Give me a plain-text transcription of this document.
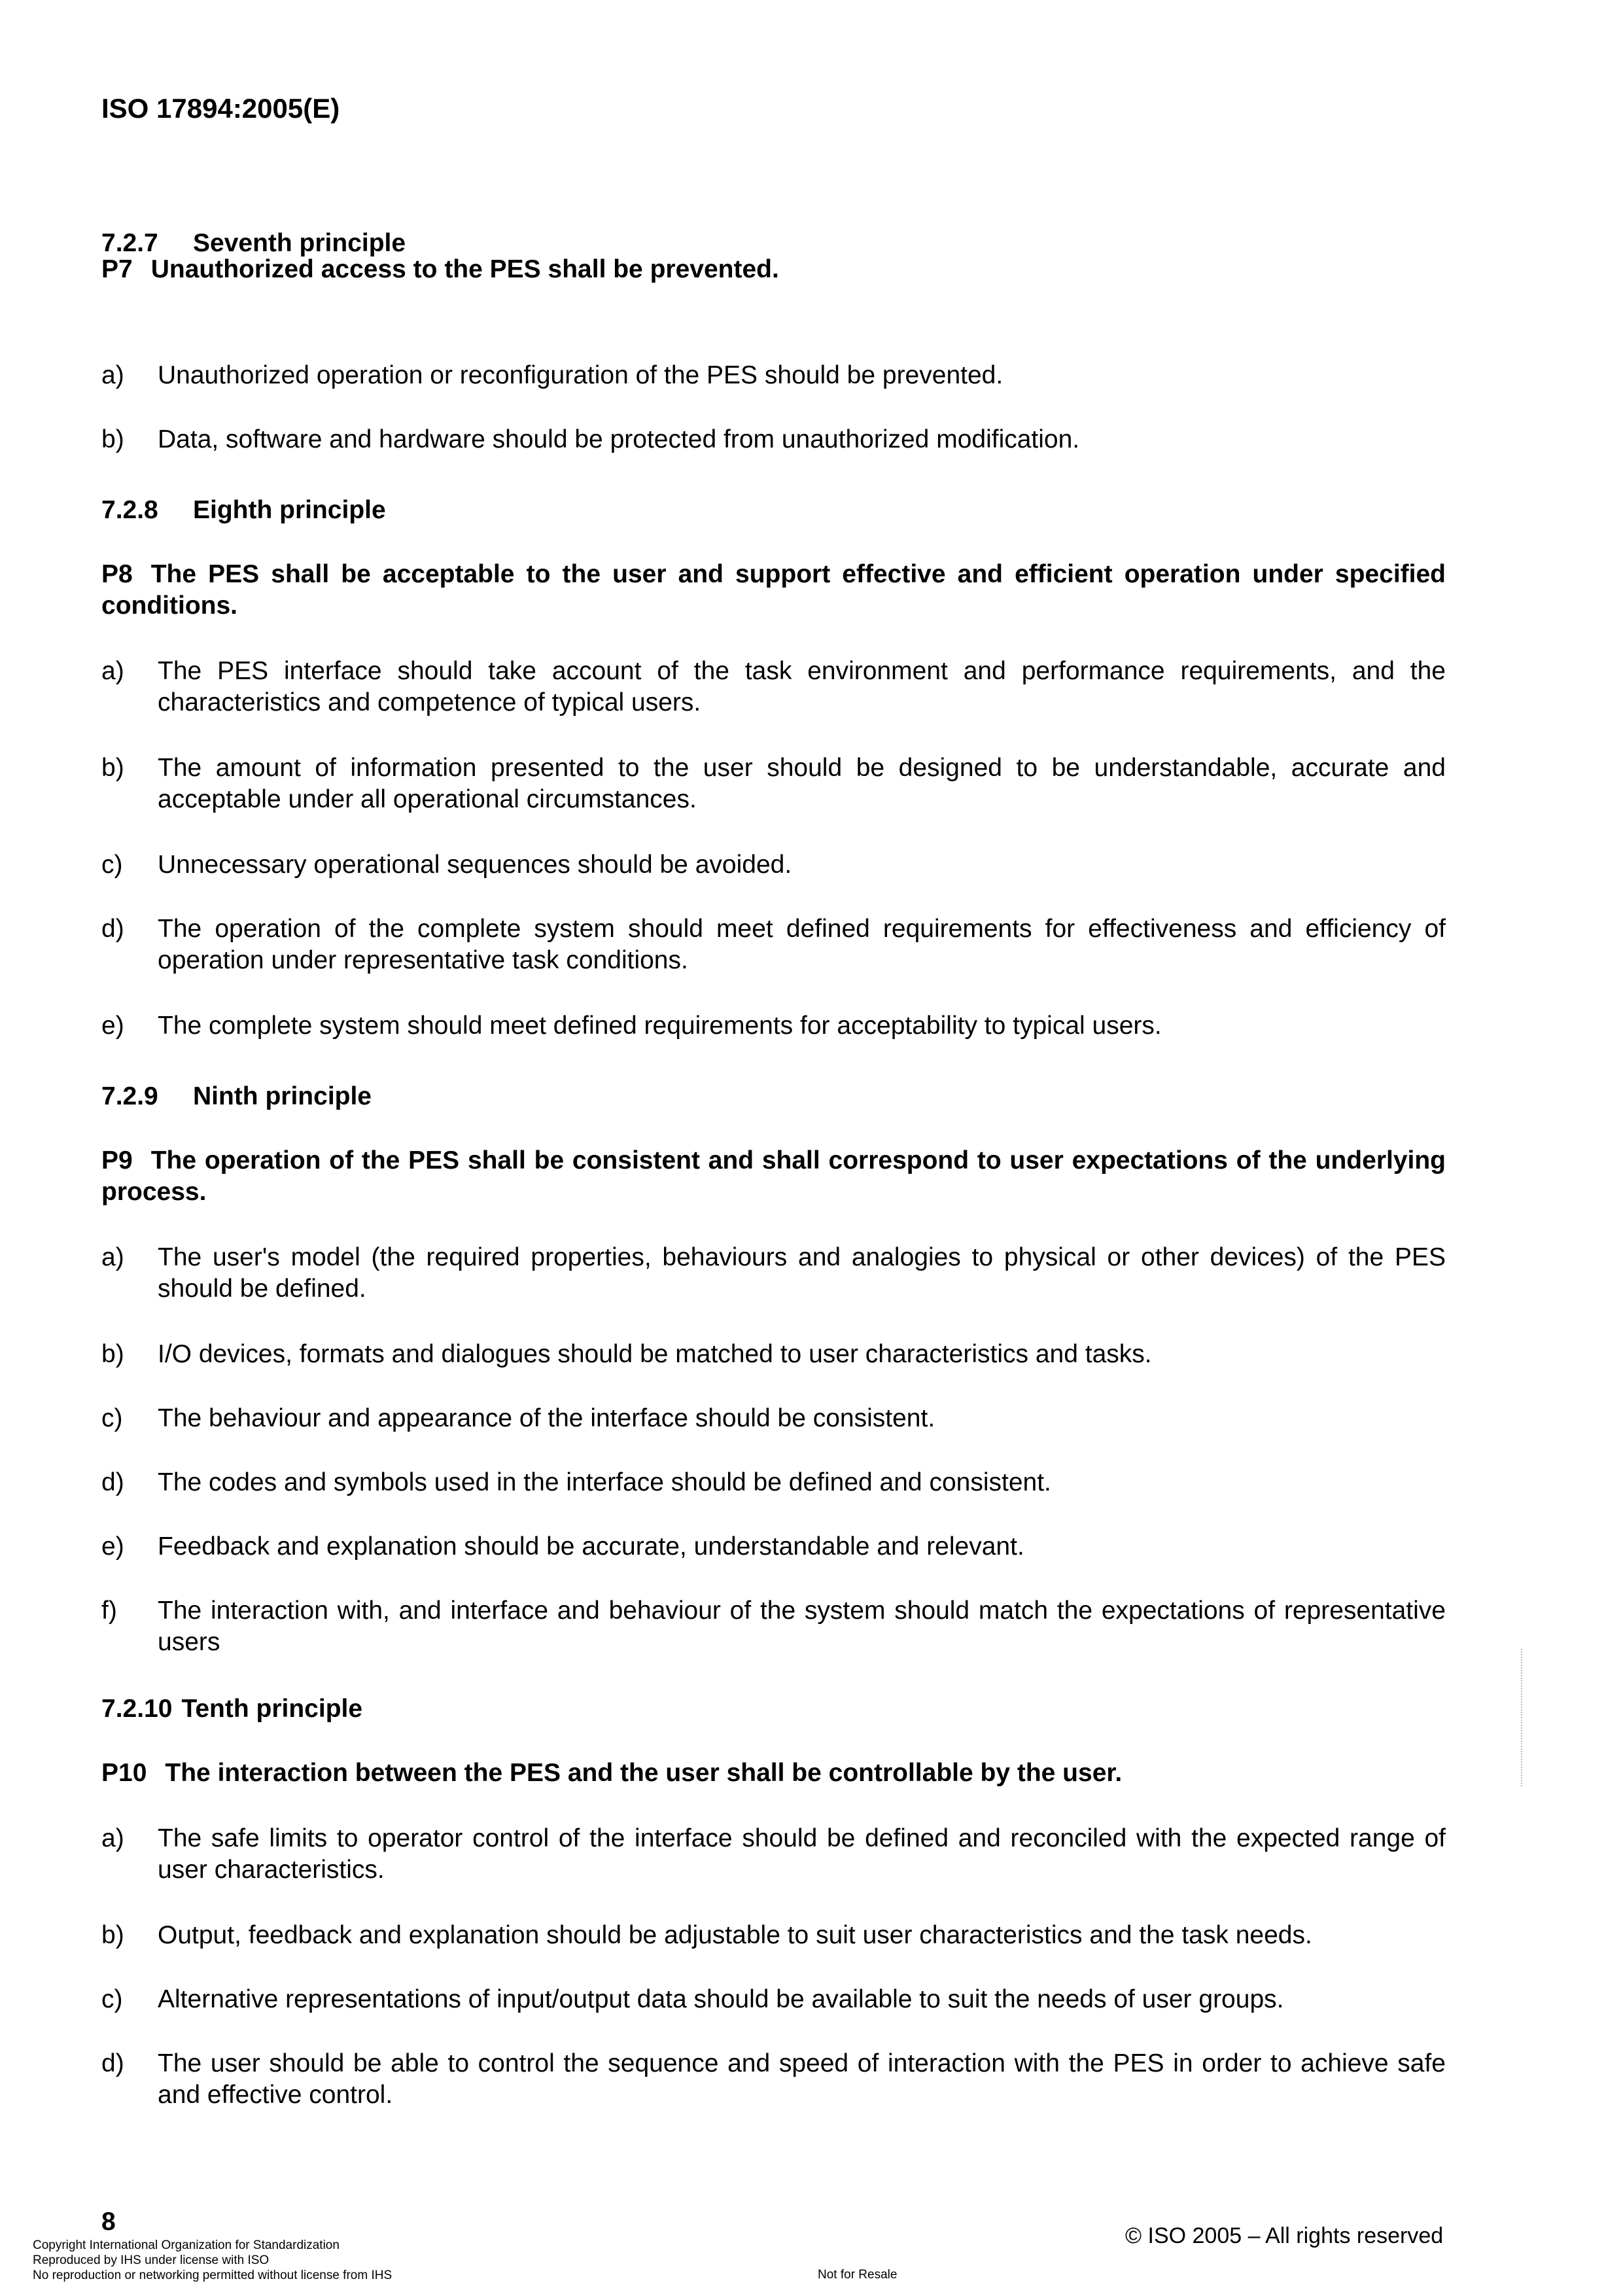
ISO 17894:2005(E)
7.2.7 Seventh principle
P7 Unauthorized access to the PES shall be prevented.
a) Unauthorized operation or reconfiguration of the PES should be prevented.
b) Data, software and hardware should be protected from unauthorized modification.
7.2.8 Eighth principle
P8 The PES shall be acceptable to the user and support effective and efficient operation under specified conditions.
a) The PES interface should take account of the task environment and performance requirements, and the characteristics and competence of typical users.
b) The amount of information presented to the user should be designed to be understandable, accurate and acceptable under all operational circumstances.
c) Unnecessary operational sequences should be avoided.
d) The operation of the complete system should meet defined requirements for effectiveness and efficiency of operation under representative task conditions.
e) The complete system should meet defined requirements for acceptability to typical users.
7.2.9 Ninth principle
P9 The operation of the PES shall be consistent and shall correspond to user expectations of the underlying process.
a) The user's model (the required properties, behaviours and analogies to physical or other devices) of the PES should be defined.
b) I/O devices, formats and dialogues should be matched to user characteristics and tasks.
c) The behaviour and appearance of the interface should be consistent.
d) The codes and symbols used in the interface should be defined and consistent.
e) Feedback and explanation should be accurate, understandable and relevant.
f) The interaction with, and interface and behaviour of the system should match the expectations of representative users
7.2.10 Tenth principle
P10 The interaction between the PES and the user shall be controllable by the user.
a) The safe limits to operator control of the interface should be defined and reconciled with the expected range of user characteristics.
b) Output, feedback and explanation should be adjustable to suit user characteristics and the task needs.
c) Alternative representations of input/output data should be available to suit the needs of user groups.
d) The user should be able to control the sequence and speed of interaction with the PES in order to achieve safe and effective control.
8	© ISO 2005 – All rights reserved
Copyright International Organization for Standardization
Reproduced by IHS under license with ISO
No reproduction or networking permitted without license from IHS	Not for Resale
